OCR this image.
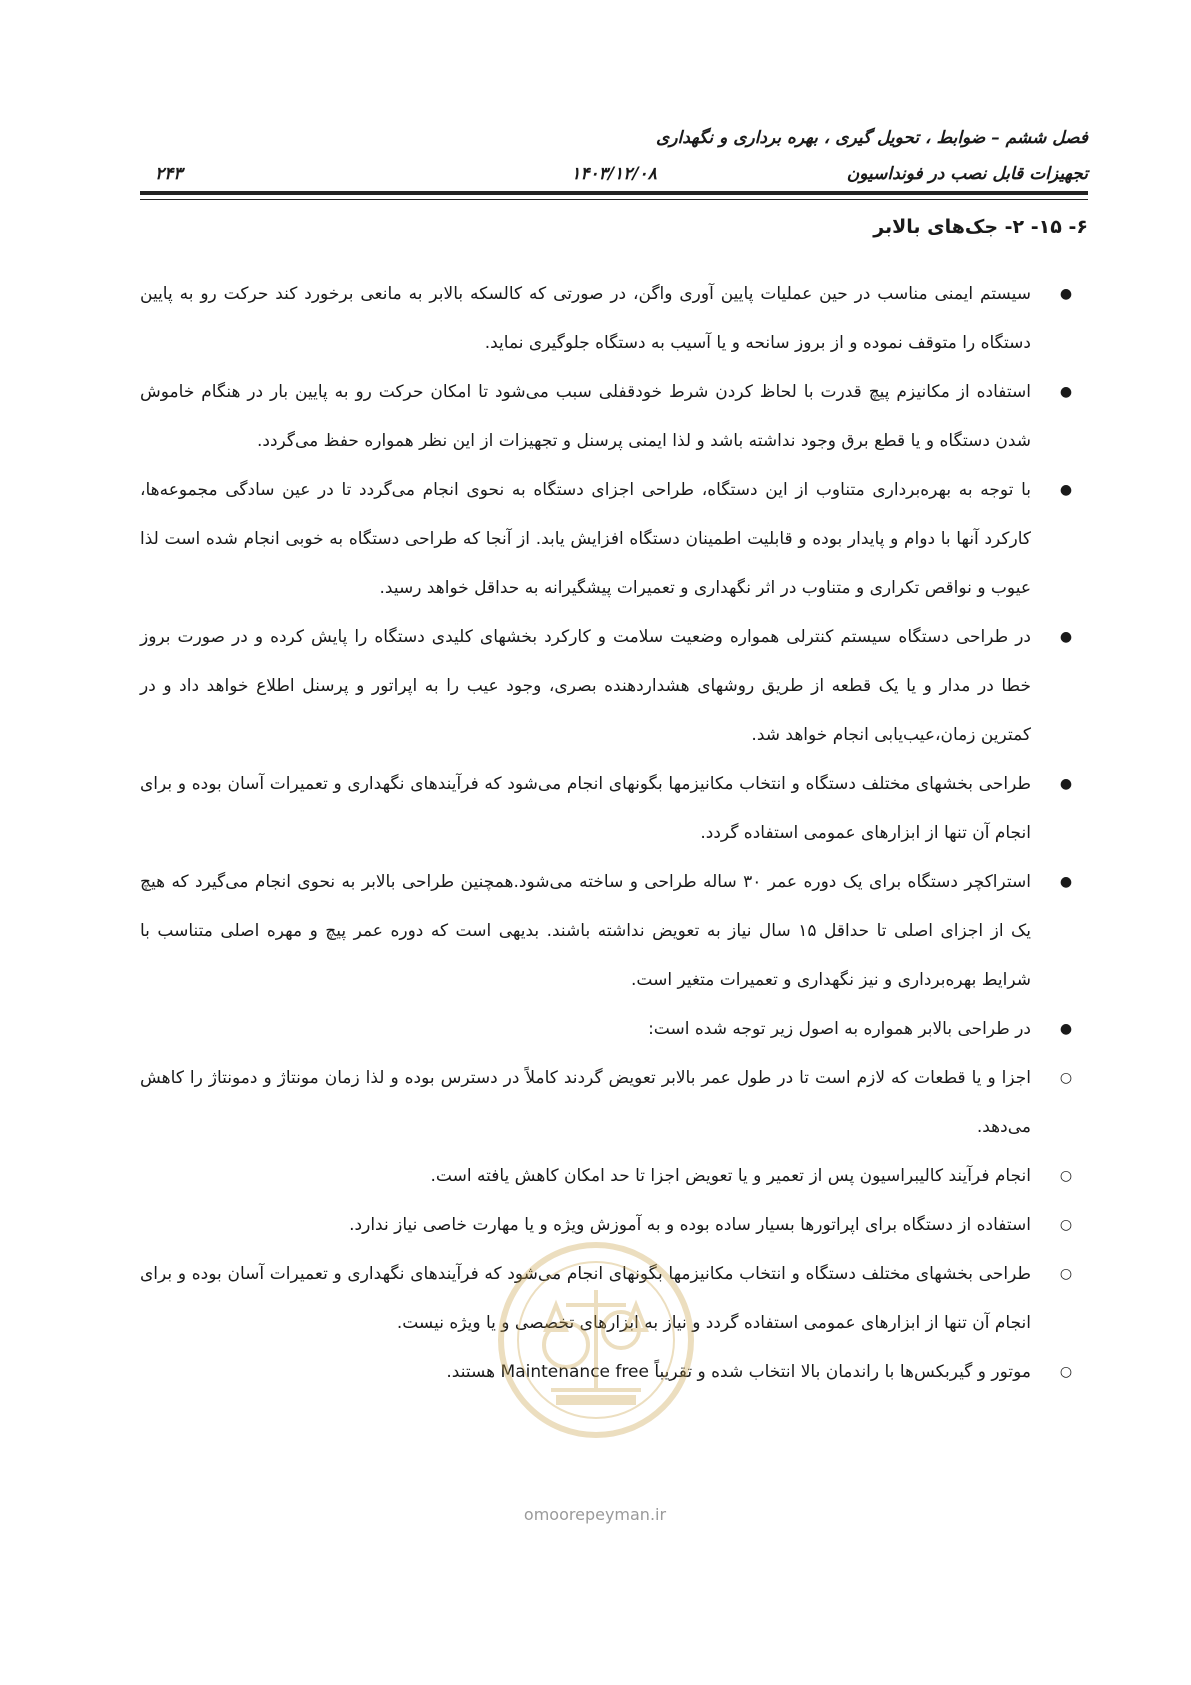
فصل ششم – ضوابط ، تحویل گیری ، بهره برداری و نگهداری
تجهیزات قابل نصب در فونداسیون
۱۴۰۳/۱۲/۰۸
۲۴۳
۶- ۱۵- ۲- جک‌های بالابر

●
سیستم ایمنی مناسب در حین عملیات پایین آوری واگن، در صورتی که کالسکه بالابر به مانعی برخورد کند حرکت رو به پایین دستگاه را متوقف نموده و از بروز سانحه و یا آسیب به دستگاه جلوگیری نماید.

●
استفاده از مکانیزم پیچ قدرت با لحاظ کردن شرط خودقفلی سبب می‌شود تا امکان حرکت رو به پایین بار در هنگام خاموش شدن دستگاه و یا قطع برق وجود نداشته باشد و لذا ایمنی پرسنل و تجهیزات از این نظر همواره حفظ می‌گردد.

●
با توجه به بهره‌برداری متناوب از این دستگاه، طراحی اجزای دستگاه به نحوی انجام می‌گردد تا در عین سادگی مجموعه‌ها، کارکرد آنها با دوام و پایدار بوده و قابلیت اطمینان دستگاه افزایش یابد. از آنجا که طراحی دستگاه به خوبی انجام شده است لذا عیوب و نواقص تکراری و متناوب در اثر نگهداری و تعمیرات پیشگیرانه به حداقل خواهد رسید.

●
در طراحی دستگاه سیستم کنترلی همواره وضعیت سلامت و کارکرد بخشهای کلیدی دستگاه را پایش کرده و در صورت بروز خطا در مدار و یا یک قطعه از طریق روشهای هشداردهنده بصری، وجود عیب را به اپراتور و پرسنل اطلاع خواهد داد و در کمترین زمان،عیب‌یابی انجام خواهد شد.

●
طراحی بخشهای مختلف دستگاه و انتخاب مکانیزمها بگونهای انجام می‌شود که فرآیندهای نگهداری و تعمیرات آسان بوده و برای انجام آن تنها از ابزارهای عمومی استفاده گردد.

●
استراکچر دستگاه برای یک دوره عمر ۳۰ ساله طراحی و ساخته می‌شود.همچنین طراحی بالابر به نحوی انجام می‌گیرد که هیچ یک از اجزای اصلی تا حداقل ۱۵ سال نیاز به تعویض نداشته باشند. بدیهی است که دوره عمر پیچ و مهره اصلی متناسب با شرایط بهره‌برداری و نیز نگهداری و تعمیرات متغیر است.

●
در طراحی بالابر همواره به اصول زیر توجه شده است:

○
اجزا و یا قطعات که لازم است تا در طول عمر بالابر تعویض گردند کاملاً در دسترس بوده و لذا زمان مونتاژ و دمونتاژ را کاهش می‌دهد.

○
انجام فرآیند کالیبراسیون پس از تعمیر و یا تعویض اجزا تا حد امکان کاهش یافته است.

○
استفاده از دستگاه برای اپراتورها بسیار ساده بوده و به آموزش ویژه و یا مهارت خاصی نیاز ندارد.

○
طراحی بخشهای مختلف دستگاه و انتخاب مکانیزمها بگونهای انجام می‌شود که فرآیندهای نگهداری و تعمیرات آسان بوده و برای انجام آن تنها از ابزارهای عمومی استفاده گردد و نیاز به ابزارهای تخصصی و یا ویژه نیست.

○
موتور و گیربکس‌ها با راندمان بالا انتخاب شده و تقریباً Maintenance free هستند.

omoorepeyman.ir
